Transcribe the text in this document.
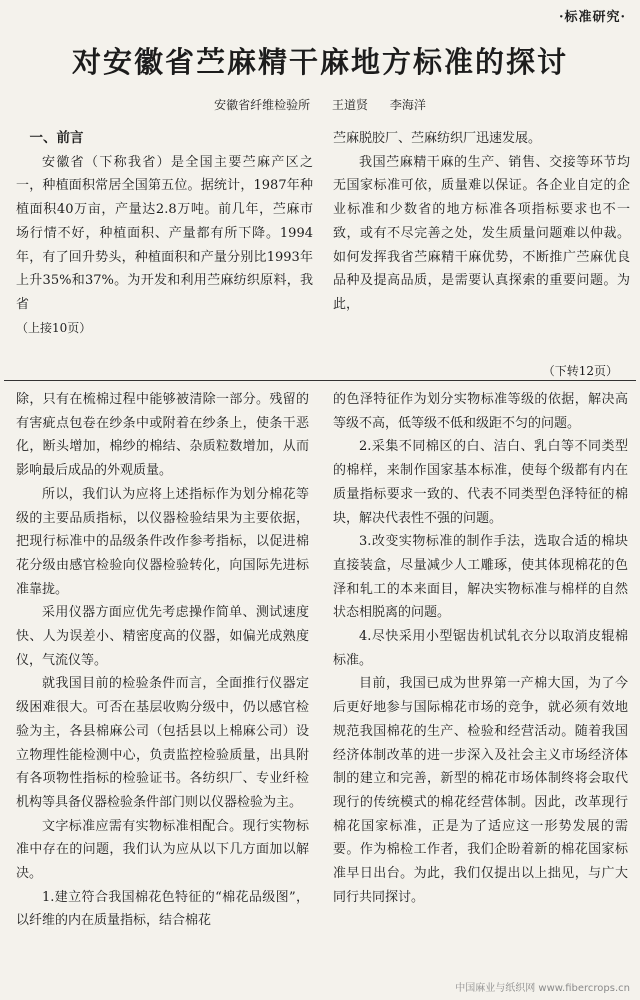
·标准研究·
对安徽省苎麻精干麻地方标准的探讨
安徽省纤维检验所 王道贤 李海洋

一、前言

安徽省（下称我省）是全国主要苎麻产区之一，种植面积常居全国第五位。据统计，1987年种植面积40万亩，产量达2.8万吨。前几年，苎麻市场行情不好，种植面积、产量都有所下降。1994年，有了回升势头，种植面积和产量分别比1993年上升35%和37%。为开发和利用苎麻纺织原料，我省

（上接10页）

苎麻脱胶厂、苎麻纺织厂迅速发展。

我国苎麻精干麻的生产、销售、交接等环节均无国家标准可依，质量难以保证。各企业自定的企业标准和少数省的地方标准各项指标要求也不一致，或有不尽完善之处，发生质量问题难以仲裁。如何发挥我省苎麻精干麻优势，不断推广苎麻优良品种及提高品质，是需要认真探索的重要问题。为此，

（下转12页）

除，只有在梳棉过程中能够被清除一部分。残留的有害疵点包卷在纱条中或附着在纱条上，使条干恶化，断头增加，棉纱的棉结、杂质粒数增加，从而影响最后成品的外观质量。

所以，我们认为应将上述指标作为划分棉花等级的主要品质指标，以仪器检验结果为主要依据，把现行标准中的品级条件改作参考指标，以促进棉花分级由感官检验向仪器检验转化，向国际先进标准靠拢。

采用仪器方面应优先考虑操作简单、测试速度快、人为误差小、精密度高的仪器，如偏光成熟度仪，气流仪等。

就我国目前的检验条件而言，全面推行仪器定级困难很大。可否在基层收购分级中，仍以感官检验为主，各县棉麻公司（包括县以上棉麻公司）设立物理性能检测中心，负责监控检验质量，出具附有各项物性指标的检验证书。各纺织厂、专业纤检机构等具备仪器检验条件部门则以仪器检验为主。

文字标准应需有实物标准相配合。现行实物标准中存在的问题，我们认为应从以下几方面加以解决。

1.建立符合我国棉花色特征的“棉花品级图”，以纤维的内在质量指标，结合棉花

的色泽特征作为划分实物标准等级的依据，解决高等级不高，低等级不低和级距不匀的问题。

2.采集不同棉区的白、洁白、乳白等不同类型的棉样，来制作国家基本标准，使每个级都有内在质量指标要求一致的、代表不同类型色泽特征的棉块，解决代表性不强的问题。

3.改变实物标准的制作手法，选取合适的棉块直接装盒，尽量减少人工雕琢，使其体现棉花的色泽和轧工的本来面目，解决实物标准与棉样的自然状态相脱离的问题。

4.尽快采用小型锯齿机试轧衣分以取消皮辊棉标准。

目前，我国已成为世界第一产棉大国，为了今后更好地参与国际棉花市场的竞争，就必须有效地规范我国棉花的生产、检验和经营活动。随着我国经济体制改革的进一步深入及社会主义市场经济体制的建立和完善，新型的棉花市场体制终将会取代现行的传统模式的棉花经营体制。因此，改革现行棉花国家标准，正是为了适应这一形势发展的需要。作为棉检工作者，我们企盼着新的棉花国家标准早日出台。为此，我们仅提出以上拙见，与广大同行共同探讨。

中国麻业与纸织网 www.fibercrops.cn
